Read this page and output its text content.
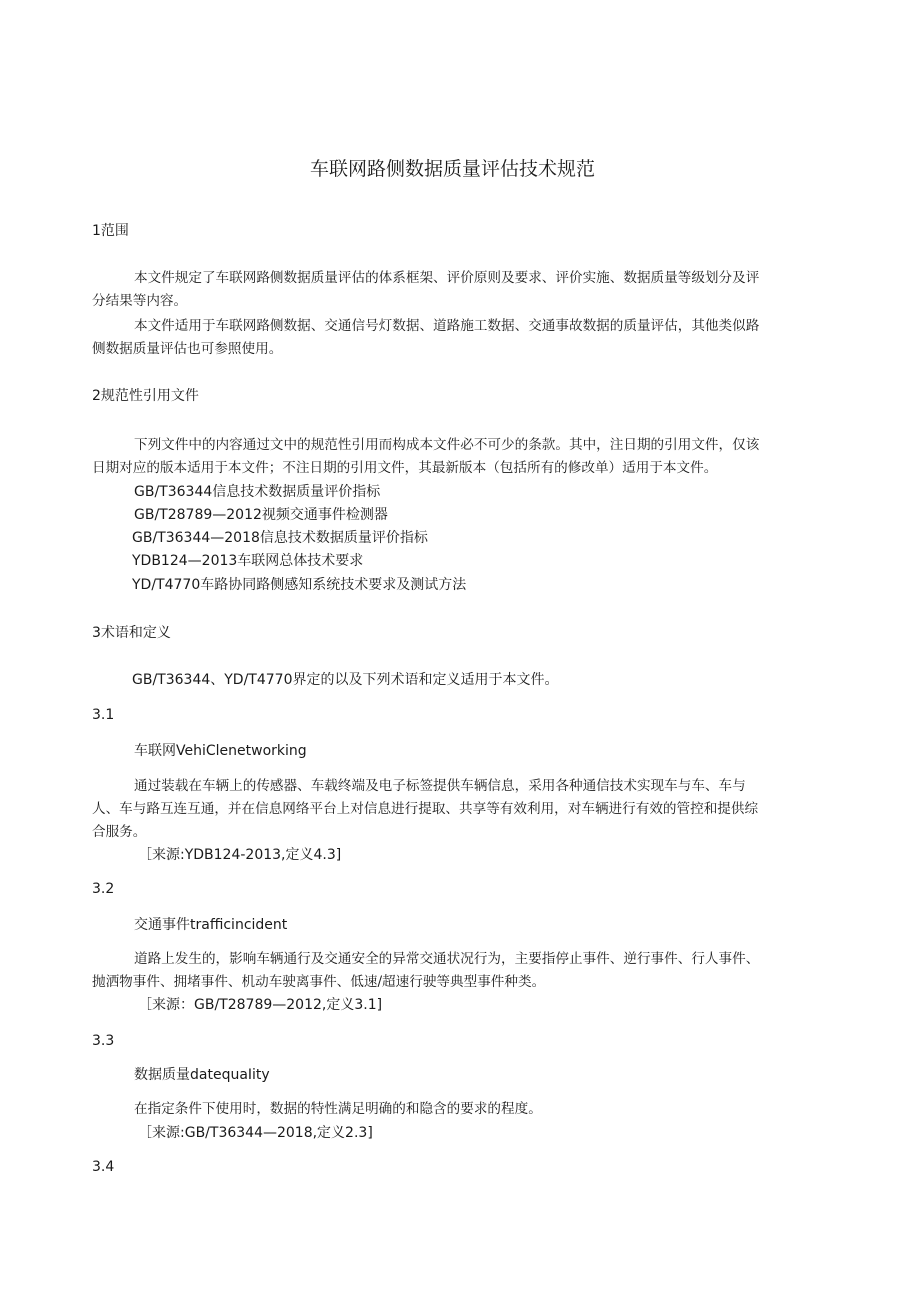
车联网路侧数据质量评估技术规范
1范围
本文件规定了车联网路侧数据质量评估的体系框架、评价原则及要求、评价实施、数据质量等级划分及评
分结果等内容。
本文件适用于车联网路侧数据、交通信号灯数据、道路施工数据、交通事故数据的质量评估，其他类似路
侧数据质量评估也可参照使用。
2规范性引用文件
下列文件中的内容通过文中的规范性引用而构成本文件必不可少的条款。其中，注日期的引用文件，仅该
日期对应的版本适用于本文件；不注日期的引用文件，其最新版本（包括所有的修改单）适用于本文件。
GB/T36344信息技术数据质量评价指标
GB/T28789—2012视频交通事件检测器
GB/T36344—2018信息技术数据质量评价指标
YDB124—2013车联网总体技术要求
YD/T4770车路协同路侧感知系统技术要求及测试方法
3术语和定义
GB/T36344、YD/T4770界定的以及下列术语和定义适用于本文件。
3.1
车联网VehiClenetworking
通过装载在车辆上的传感器、车载终端及电子标签提供车辆信息，采用各种通信技术实现车与车、车与
人、车与路互连互通，并在信息网络平台上对信息进行提取、共享等有效利用，对车辆进行有效的管控和提供综
合服务。
［来源:YDB124-2013,定义4.3]
3.2
交通事件trafficincident
道路上发生的，影响车辆通行及交通安全的异常交通状况行为，主要指停止事件、逆行事件、行人事件、
抛洒物事件、拥堵事件、机动车驶离事件、低速/超速行驶等典型事件种类。
［来源：GB/T28789—2012,定义3.1]
3.3
数据质量datequaIity
在指定条件下使用时，数据的特性满足明确的和隐含的要求的程度。
［来源:GB/T36344—2018,定义2.3]
3.4
